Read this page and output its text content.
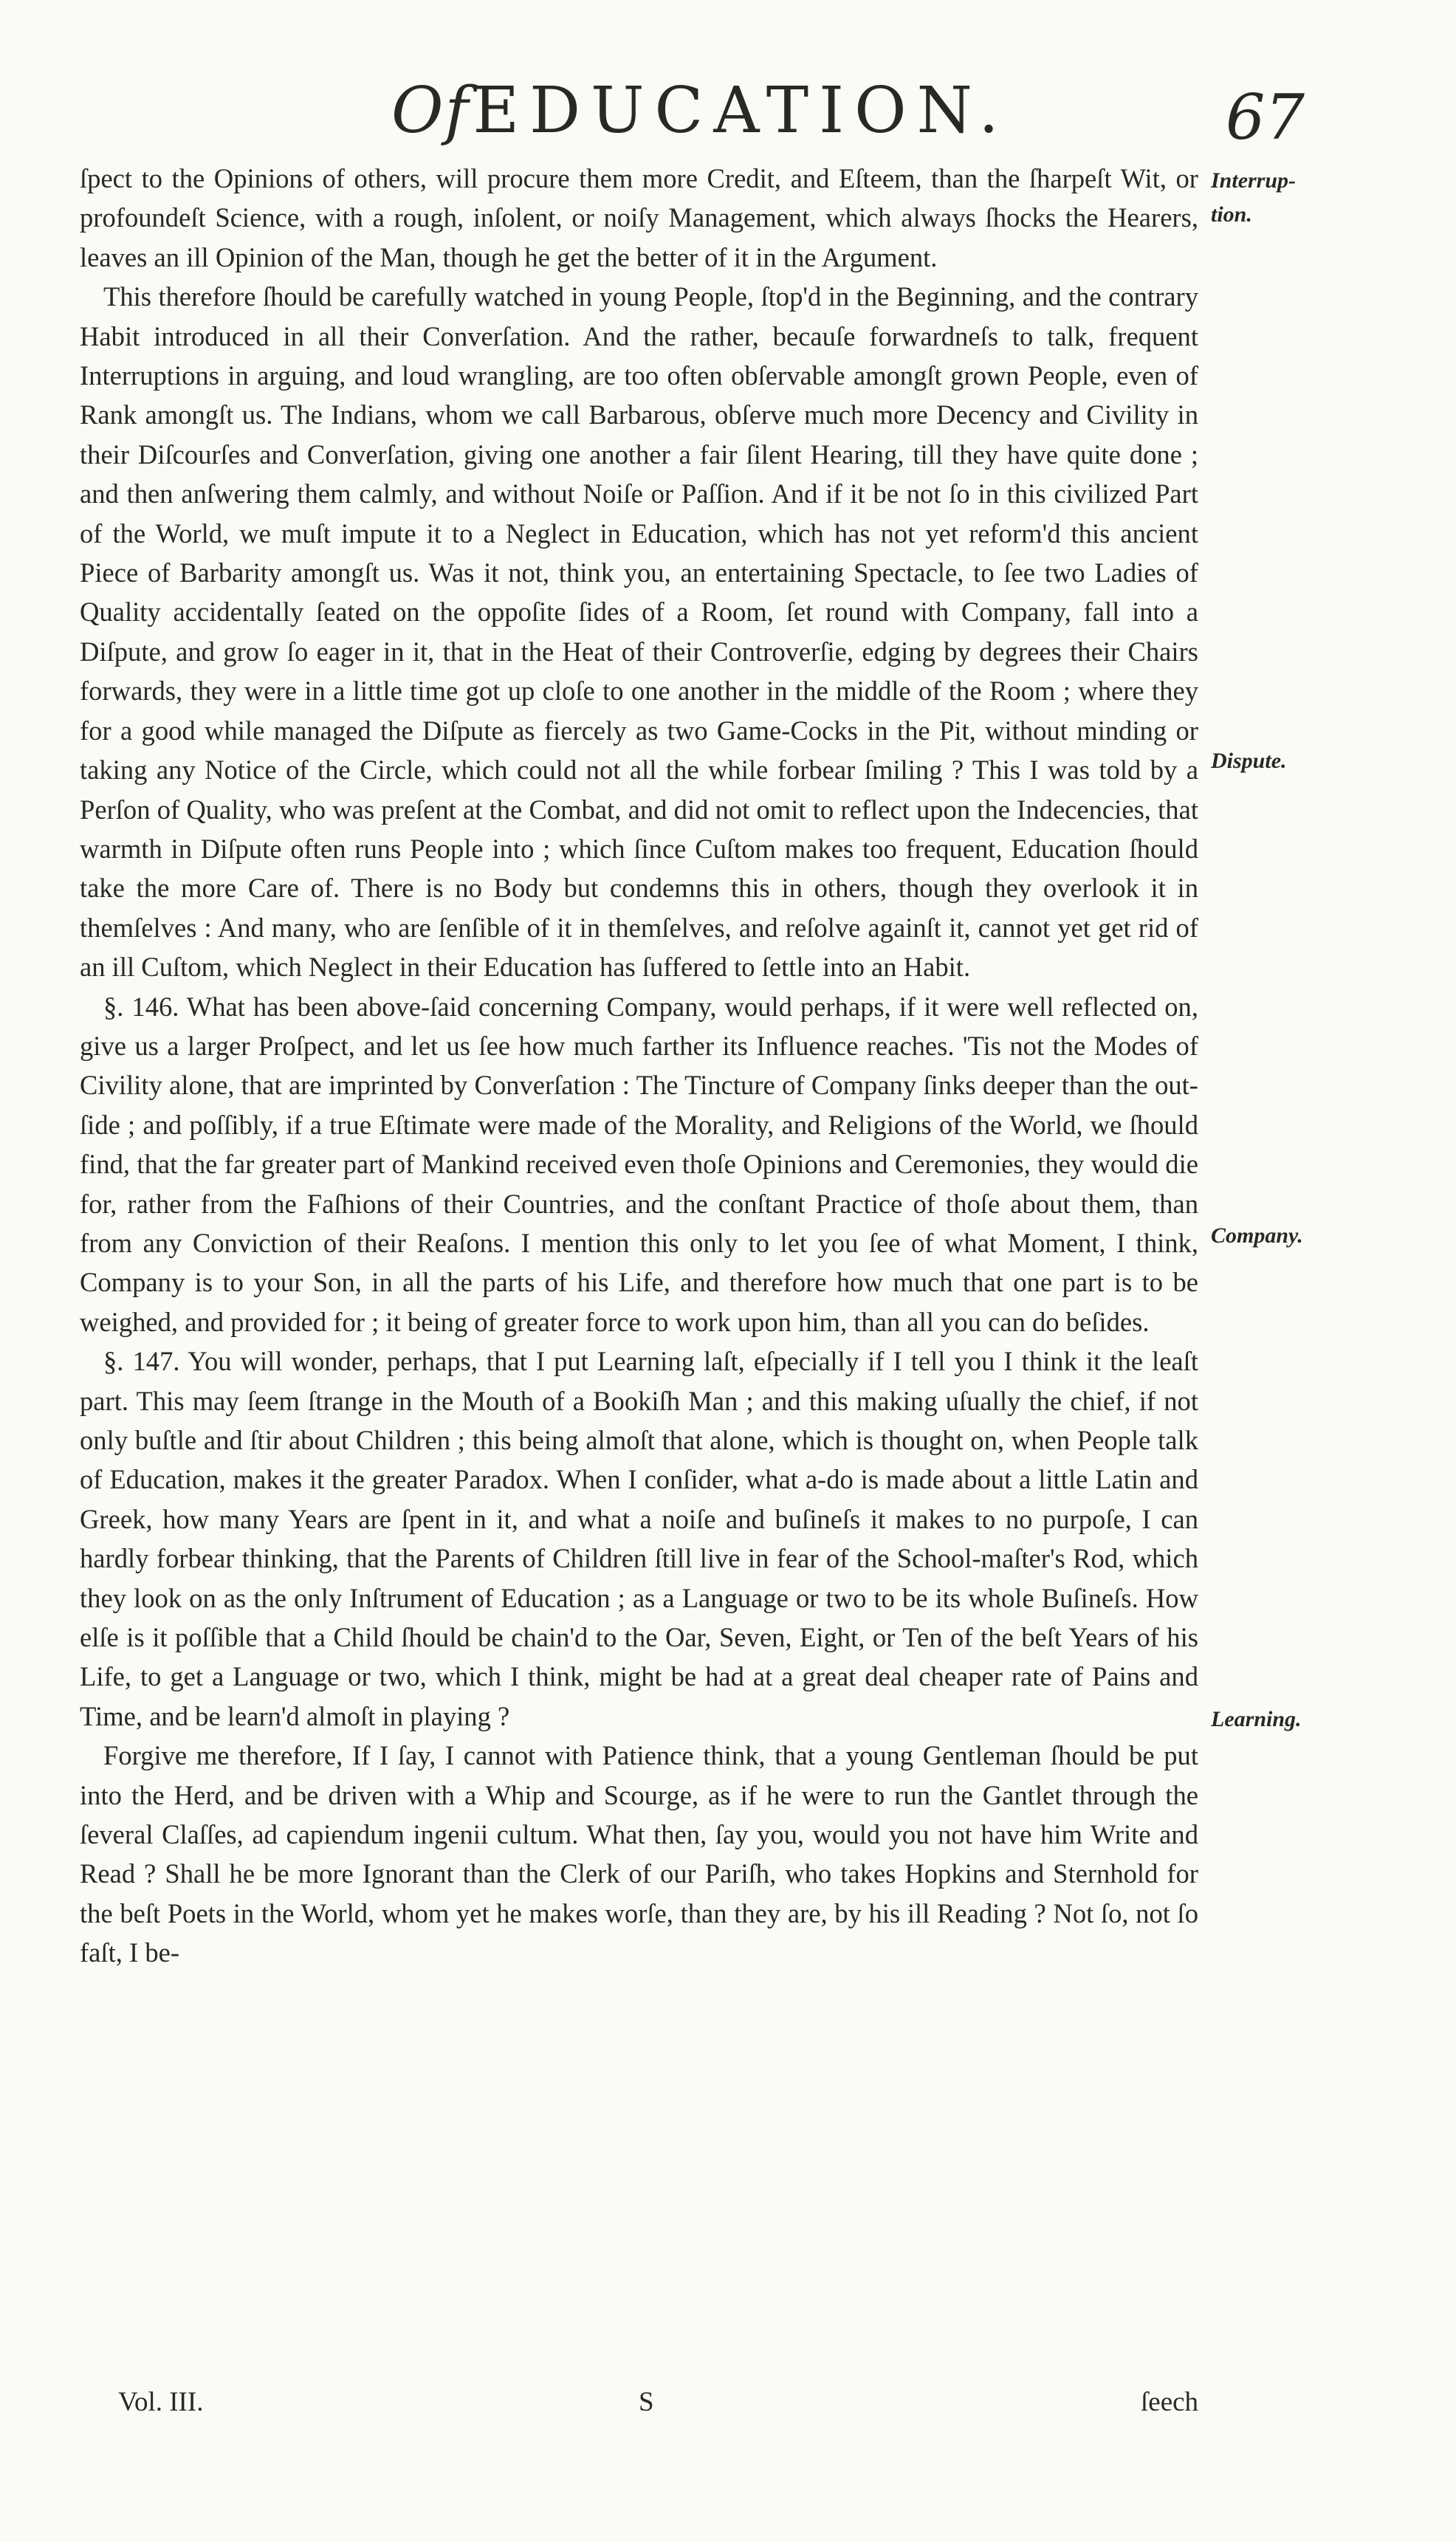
OfEDUCATION.	67

ſpect to the Opinions of others, will procure them more Credit, and Eſteem, than the ſharpeſt Wit, or profoundeſt Science, with a rough, inſolent, or noiſy Management, which always ſhocks the Hearers, leaves an ill Opinion of the Man, though he get the better of it in the Argument.

This therefore ſhould be carefully watched in young People, ſtop'd in the Beginning, and the contrary Habit introduced in all their Converſation. And the rather, becauſe forwardneſs to talk, frequent Interruptions in arguing, and loud wrangling, are too often obſervable amongſt grown People, even of Rank amongſt us. The Indians, whom we call Barbarous, obſerve much more Decency and Civility in their Diſcourſes and Converſation, giving one another a fair ſilent Hearing, till they have quite done ; and then anſwering them calmly, and without Noiſe or Paſſion. And if it be not ſo in this civilized Part of the World, we muſt impute it to a Neglect in Education, which has not yet reform'd this ancient Piece of Barbarity amongſt us. Was it not, think you, an entertaining Spectacle, to ſee two Ladies of Quality accidentally ſeated on the oppoſite ſides of a Room, ſet round with Company, fall into a Diſpute, and grow ſo eager in it, that in the Heat of their Controverſie, edging by degrees their Chairs forwards, they were in a little time got up cloſe to one another in the middle of the Room ; where they for a good while managed the Diſpute as fiercely as two Game-Cocks in the Pit, without minding or taking any Notice of the Circle, which could not all the while forbear ſmiling ? This I was told by a Perſon of Quality, who was preſent at the Combat, and did not omit to reflect upon the Indecencies, that warmth in Diſpute often runs People into ; which ſince Cuſtom makes too frequent, Education ſhould take the more Care of. There is no Body but condemns this in others, though they overlook it in themſelves : And many, who are ſenſible of it in themſelves, and reſolve againſt it, cannot yet get rid of an ill Cuſtom, which Neglect in their Education has ſuffered to ſettle into an Habit.

§. 146. What has been above-ſaid concerning Company, would perhaps, if it were well reflected on, give us a larger Proſpect, and let us ſee how much farther its Influence reaches. 'Tis not the Modes of Civility alone, that are imprinted by Converſation : The Tincture of Company ſinks deeper than the out-ſide ; and poſſibly, if a true Eſtimate were made of the Morality, and Religions of the World, we ſhould find, that the far greater part of Mankind received even thoſe Opinions and Ceremonies, they would die for, rather from the Faſhions of their Countries, and the conſtant Practice of thoſe about them, than from any Conviction of their Reaſons. I mention this only to let you ſee of what Moment, I think, Company is to your Son, in all the parts of his Life, and therefore how much that one part is to be weighed, and provided for ; it being of greater force to work upon him, than all you can do beſides.

§. 147. You will wonder, perhaps, that I put Learning laſt, eſpecially if I tell you I think it the leaſt part. This may ſeem ſtrange in the Mouth of a Bookiſh Man ; and this making uſually the chief, if not only buſtle and ſtir about Children ; this being almoſt that alone, which is thought on, when People talk of Education, makes it the greater Paradox. When I conſider, what a-do is made about a little Latin and Greek, how many Years are ſpent in it, and what a noiſe and buſineſs it makes to no purpoſe, I can hardly forbear thinking, that the Parents of Children ſtill live in fear of the School-maſter's Rod, which they look on as the only Inſtrument of Education ; as a Language or two to be its whole Buſineſs. How elſe is it poſſible that a Child ſhould be chain'd to the Oar, Seven, Eight, or Ten of the beſt Years of his Life, to get a Language or two, which I think, might be had at a great deal cheaper rate of Pains and Time, and be learn'd almoſt in playing ?

Forgive me therefore, If I ſay, I cannot with Patience think, that a young Gentleman ſhould be put into the Herd, and be driven with a Whip and Scourge, as if he were to run the Gantlet through the ſeveral Claſſes, ad capiendum ingenii cultum. What then, ſay you, would you not have him Write and Read ? Shall he be more Ignorant than the Clerk of our Pariſh, who takes Hopkins and Sternhold for the beſt Poets in the World, whom yet he makes worſe, than they are, by his ill Reading ? Not ſo, not ſo faſt, I be-

Interrup-
tion.
Dispute.
Company.
Learning.
Vol. III.	S	ſeech
